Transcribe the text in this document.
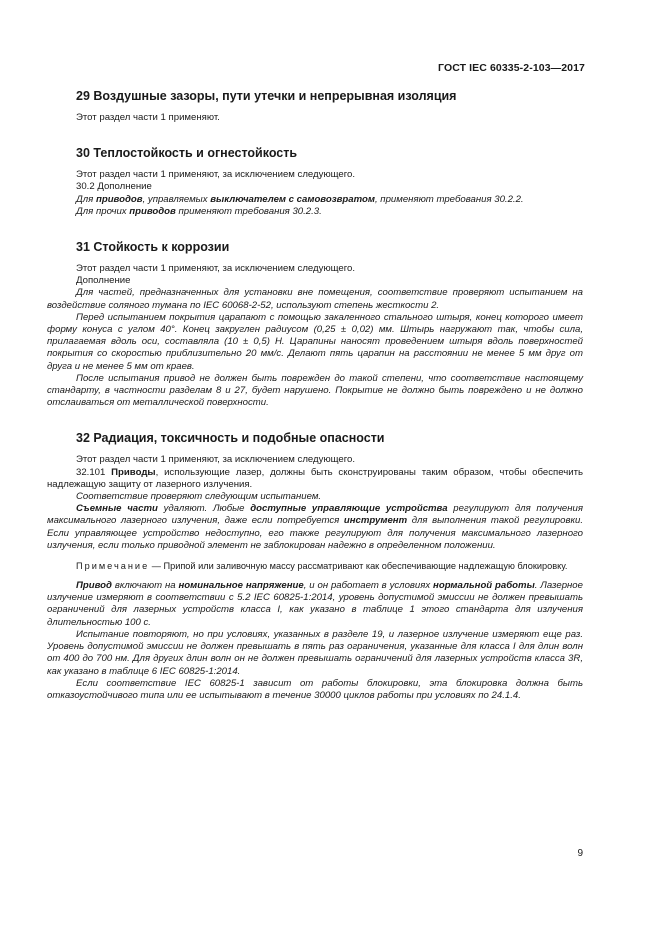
ГОСТ IEC 60335-2-103—2017
29 Воздушные зазоры, пути утечки и непрерывная изоляция

Этот раздел части 1 применяют.

30 Теплостойкость и огнестойкость

Этот раздел части 1 применяют, за исключением следующего.

30.2 Дополнение

Для приводов, управляемых выключателем с самовозвратом, применяют требования 30.2.2.

Для прочих приводов применяют требования 30.2.3.

31 Стойкость к коррозии

Этот раздел части 1 применяют, за исключением следующего.

Дополнение

Для частей, предназначенных для установки вне помещения, соответствие проверяют испытанием на воздействие соляного тумана по IEC 60068-2-52, используют степень жесткости 2.

Перед испытанием покрытия царапают с помощью закаленного стального штыря, конец которого имеет форму конуса с углом 40°. Конец закруглен радиусом (0,25 ± 0,02) мм. Штырь нагружают так, чтобы сила, прилагаемая вдоль оси, составляла (10 ± 0,5) Н. Царапины наносят проведением штыря вдоль поверхностей покрытия со скоростью приблизительно 20 мм/с. Делают пять царапин на расстоянии не менее 5 мм друг от друга и не менее 5 мм от краев.

После испытания привод не должен быть поврежден до такой степени, что соответствие настоящему стандарту, в частности разделам 8 и 27, будет нарушено. Покрытие не должно быть повреждено и не должно отслаиваться от металлической поверхности.

32 Радиация, токсичность и подобные опасности

Этот раздел части 1 применяют, за исключением следующего.

32.101 Приводы, использующие лазер, должны быть сконструированы таким образом, чтобы обеспечить надлежащую защиту от лазерного излучения.

Соответствие проверяют следующим испытанием.

Съемные части удаляют. Любые доступные управляющие устройства регулируют для получения максимального лазерного излучения, даже если потребуется инструмент для выполнения такой регулировки. Если управляющее устройство недоступно, его также регулируют для получения максимального лазерного излучения, если только приводной элемент не заблокирован надежно в определенном положении.

Примечание — Припой или заливочную массу рассматривают как обеспечивающие надлежащую блокировку.

Привод включают на номинальное напряжение, и он работает в условиях нормальной работы. Лазерное излучение измеряют в соответствии с 5.2 IEC 60825-1:2014, уровень допустимой эмиссии не должен превышать ограничений для лазерных устройств класса I, как указано в таблице 1 этого стандарта для излучения длительностью 100 с.

Испытание повторяют, но при условиях, указанных в разделе 19, и лазерное излучение измеряют еще раз. Уровень допустимой эмиссии не должен превышать в пять раз ограничения, указанные для класса I для длин волн от 400 до 700 нм. Для других длин волн он не должен превышать ограничений для лазерных устройств класса 3R, как указано в таблице 6 IEC 60825-1:2014.

Если соответствие IEC 60825-1 зависит от работы блокировки, эта блокировка должна быть отказоустойчивого типа или ее испытывают в течение 30000 циклов работы при условиях по 24.1.4.

9
